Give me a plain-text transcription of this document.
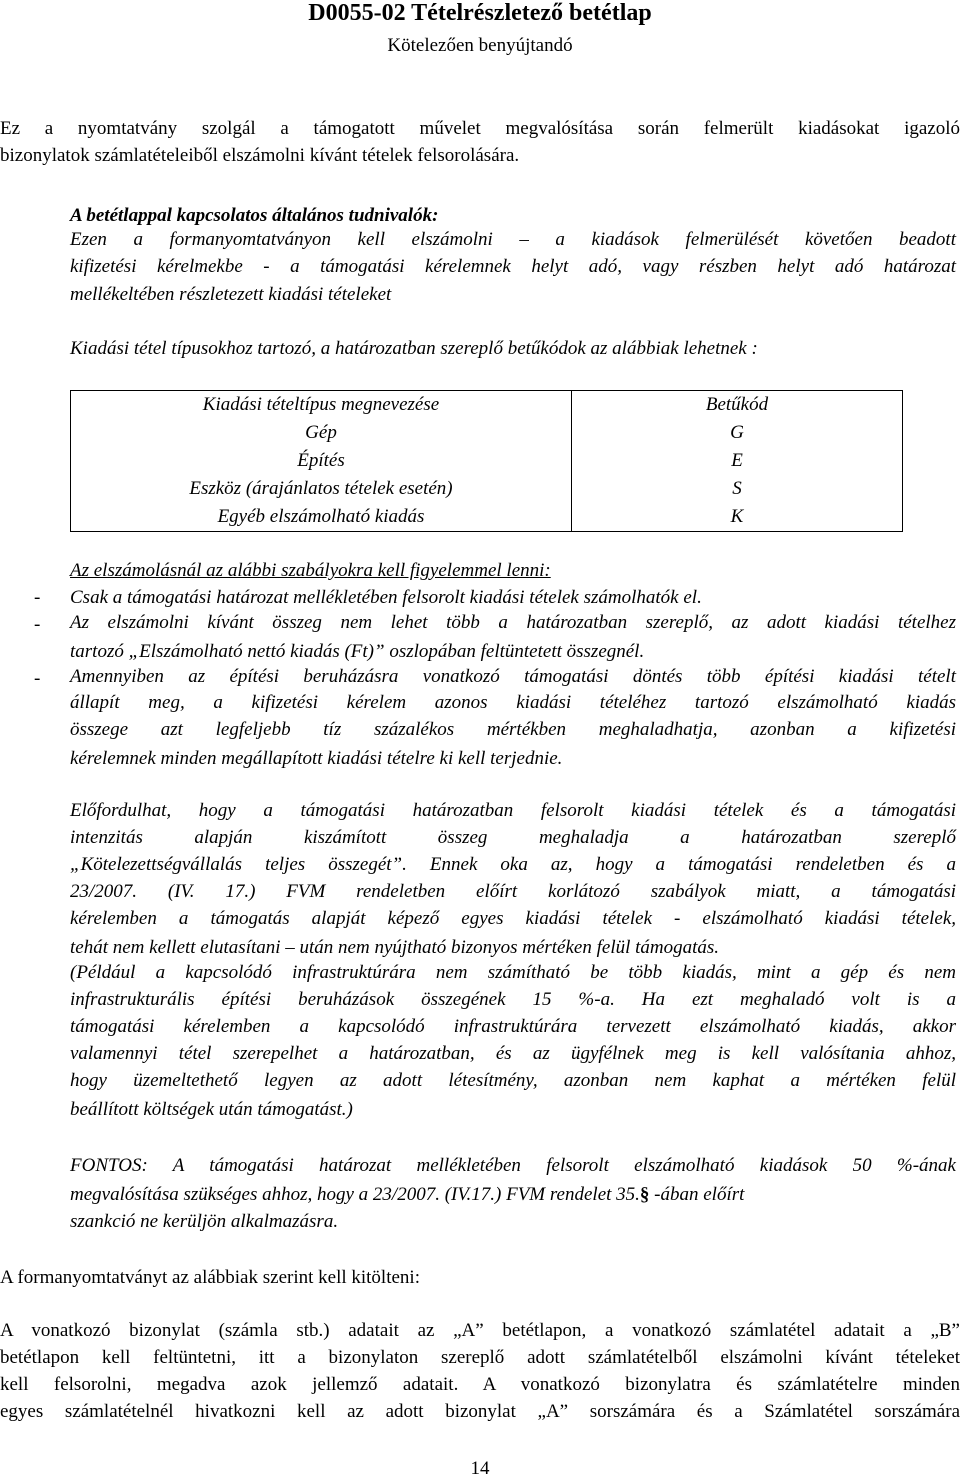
D0055-02 Tételrészletező betétlap
Kötelezően benyújtandó
Ez a nyomtatvány szolgál a támogatott művelet megvalósítása során felmerült kiadásokat igazoló
bizonylatok számlatételeiből elszámolni kívánt tételek felsorolására.
A betétlappal kapcsolatos általános tudnivalók:
Ezen a formanyomtatványon kell elszámolni – a kiadások felmerülését követően beadott
kifizetési kérelmekbe - a támogatási kérelemnek helyt adó, vagy részben helyt adó határozat
mellékeltében részletezett kiadási tételeket
Kiadási tétel típusokhoz tartozó, a határozatban szereplő betűkódok az alábbiak lehetnek :
Kiadási tételtípus megnevezése	Betűkód
Gép	G
Építés	E
Eszköz (árajánlatos tételek esetén)	S
Egyéb elszámolható kiadás	K
Az elszámolásnál az alábbi szabályokra kell figyelemmel lenni:
- Csak a támogatási határozat mellékletében felsorolt kiadási tételek számolhatók el.
- Az elszámolni kívánt összeg nem lehet több a határozatban szereplő, az adott kiadási tételhez
tartozó „Elszámolható nettó kiadás (Ft)” oszlopában feltüntetett összegnél.
- Amennyiben az építési beruházásra vonatkozó támogatási döntés több építési kiadási tételt
állapít meg, a kifizetési kérelem azonos kiadási tételéhez tartozó elszámolható kiadás
összege azt legfeljebb tíz százalékos mértékben meghaladhatja, azonban a kifizetési
kérelemnek minden megállapított kiadási tételre ki kell terjednie.
Előfordulhat, hogy a támogatási határozatban felsorolt kiadási tételek és a támogatási
intenzitás alapján kiszámított összeg meghaladja a határozatban szereplő
„Kötelezettségvállalás teljes összegét”. Ennek oka az, hogy a támogatási rendeletben és a
23/2007. (IV. 17.) FVM rendeletben előírt korlátozó szabályok miatt, a támogatási
kérelemben a támogatás alapját képező egyes kiadási tételek - elszámolható kiadási tételek,
tehát nem kellett elutasítani – után nem nyújtható bizonyos mértéken felül támogatás.
(Például a kapcsolódó infrastruktúrára nem számítható be több kiadás, mint a gép és nem
infrastrukturális építési beruházások összegének 15 %-a. Ha ezt meghaladó volt is a
támogatási kérelemben a kapcsolódó infrastruktúrára tervezett elszámolható kiadás, akkor
valamennyi tétel szerepelhet a határozatban, és az ügyfélnek meg is kell valósítania ahhoz,
hogy üzemeltethető legyen az adott létesítmény, azonban nem kaphat a mértéken felül
beállított költségek után támogatást.)
FONTOS: A támogatási határozat mellékletében felsorolt elszámolható kiadások 50 %-ának
megvalósítása szükséges ahhoz, hogy a 23/2007. (IV.17.) FVM rendelet 35.§ -ában előírt
szankció ne kerüljön alkalmazásra.
A formanyomtatványt az alábbiak szerint kell kitölteni:
A vonatkozó bizonylat (számla stb.) adatait az „A” betétlapon, a vonatkozó számlatétel adatait a „B”
betétlapon kell feltüntetni, itt a bizonylaton szereplő adott számlatételből elszámolni kívánt tételeket
kell felsorolni, megadva azok jellemző adatait. A vonatkozó bizonylatra és számlatételre minden
egyes számlatételnél hivatkozni kell az adott bizonylat „A” sorszámára és a Számlatétel sorszámára
14
